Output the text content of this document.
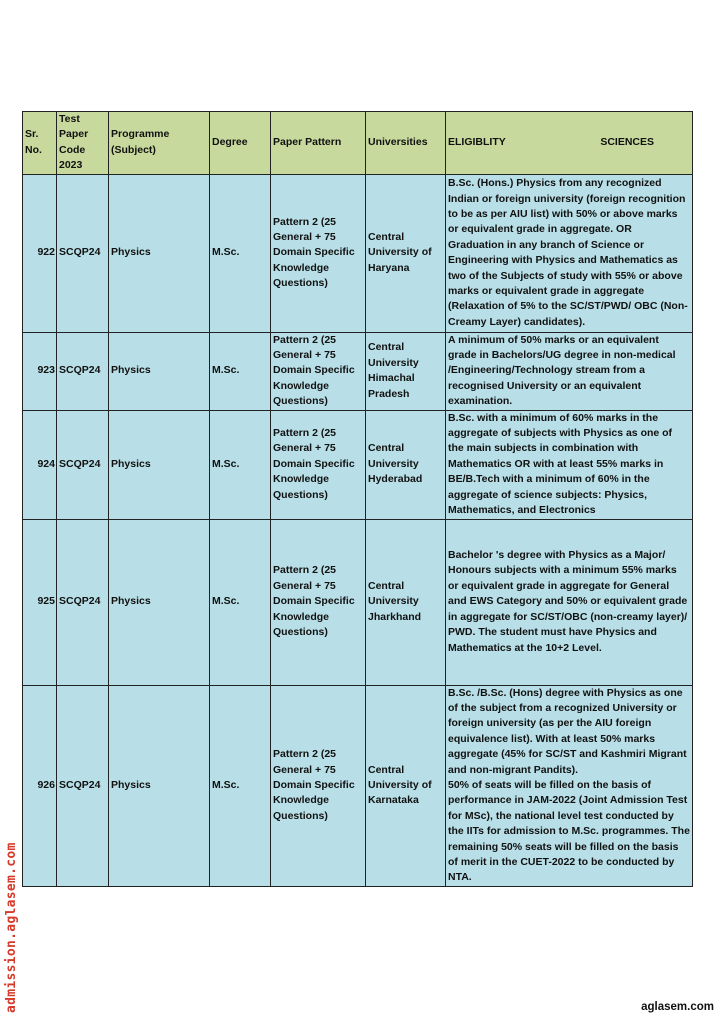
Sr. No.	Test Paper Code 2023	Programme (Subject)	Degree	Paper Pattern	Universities	ELIGIBLITY SCIENCES

922	SCQP24	Physics	M.Sc.	Pattern 2 (25 General + 75 Domain Specific Knowledge Questions)	Central University of Haryana	B.Sc. (Hons.) Physics from any recognized Indian or foreign university (foreign recognition to be as per AIU list) with 50% or above marks or equivalent grade in aggregate. OR Graduation in any branch of Science or Engineering with Physics and Mathematics as two of the Subjects of study with 55% or above marks or equivalent grade in aggregate (Relaxation of 5% to the SC/ST/PWD/ OBC (Non-Creamy Layer) candidates).
923	SCQP24	Physics	M.Sc.	Pattern 2 (25 General + 75 Domain Specific Knowledge Questions)	Central University Himachal Pradesh	A minimum of 50% marks or an equivalent grade in Bachelors/UG degree in non-medical /Engineering/Technology stream from a recognised University or an equivalent examination.
924	SCQP24	Physics	M.Sc.	Pattern 2 (25 General + 75 Domain Specific Knowledge Questions)	Central University Hyderabad	B.Sc. with a minimum of 60% marks in the aggregate of subjects with Physics as one of the main subjects in combination with Mathematics OR with at least 55% marks in BE/B.Tech with a minimum of 60% in the aggregate of science subjects: Physics, Mathematics, and Electronics
925	SCQP24	Physics	M.Sc.	Pattern 2 (25 General + 75 Domain Specific Knowledge Questions)	Central University Jharkhand	Bachelor 's degree with Physics as a Major/ Honours subjects with a minimum 55% marks or equivalent grade in aggregate for General and EWS Category and 50% or equivalent grade in aggregate for SC/ST/OBC (non-creamy layer)/ PWD. The student must have Physics and Mathematics at the 10+2 Level.
926	SCQP24	Physics	M.Sc.	Pattern 2 (25 General + 75 Domain Specific Knowledge Questions)	Central University of Karnataka	B.Sc. /B.Sc. (Hons) degree with Physics as one of the subject from a recognized University or foreign university (as per the AIU foreign equivalence list). With at least 50% marks aggregate (45% for SC/ST and Kashmiri Migrant and non-migrant Pandits).
50% of seats will be filled on the basis of performance in JAM-2022 (Joint Admission Test for MSc), the national level test conducted by the IITs for admission to M.Sc. programmes. The remaining 50% seats will be filled on the basis of merit in the CUET-2022 to be conducted by NTA.
admission.aglasem.com	aglasem.com
